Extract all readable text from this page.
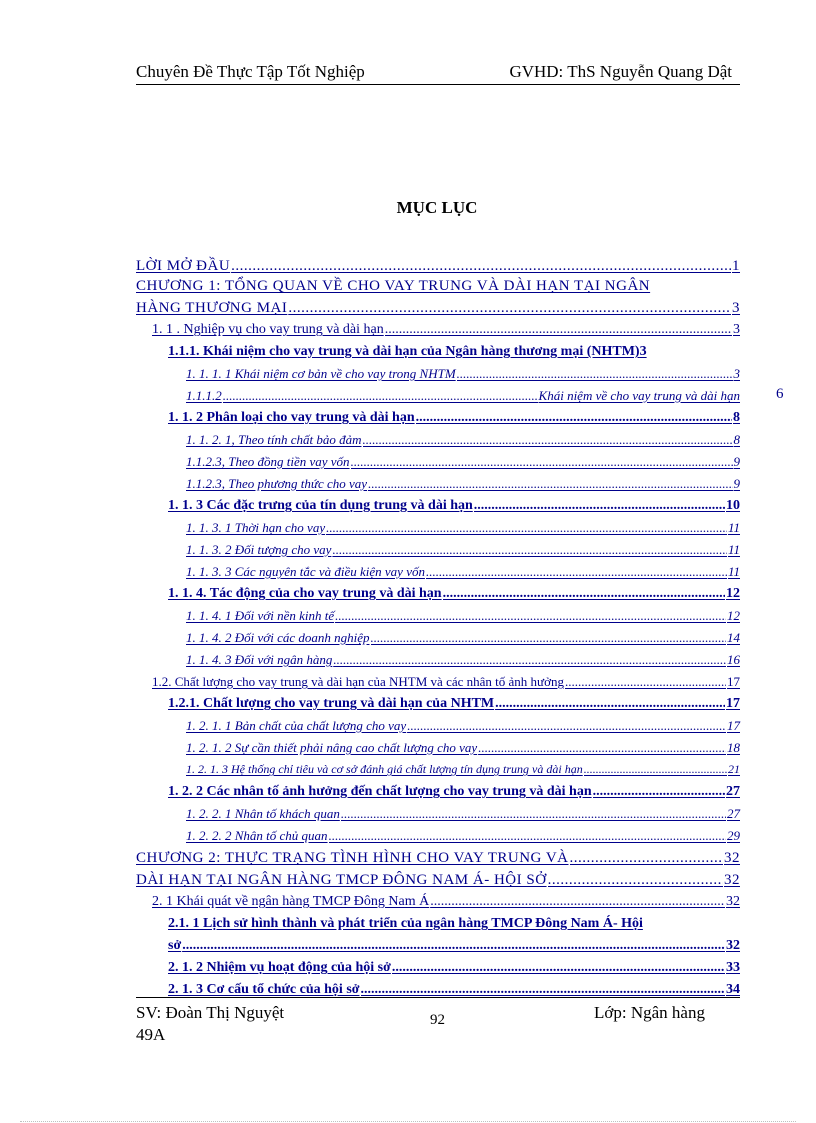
Chuyên Đề Thực Tập Tốt Nghiệp	GVHD: ThS Nguyễn Quang Dật
MỤC LỤC
LỜI MỞ ĐẦU .....	1
CHƯƠNG 1: TỔNG QUAN VỀ CHO VAY TRUNG VÀ DÀI HẠN TẠI NGÂN
HÀNG THƯƠNG MẠI .....	3
1. 1 . Nghiệp vụ cho vay trung và dài hạn .....	3
1.1.1. Khái niệm cho vay trung và dài hạn của Ngân hàng thương mại (NHTM) 3
1. 1. 1. 1 Khái niệm cơ bản về cho vay trong NHTM .....	3
1.1.1.2 .....	Khái niệm về cho vay trung và dài hạn 6
1. 1. 2 Phân loại cho vay trung và dài hạn .....	8
1. 1. 2. 1, Theo tính chất bảo đảm .....	8
1.1.2.3, Theo đồng tiền vay vốn .....	9
1.1.2.3, Theo phương thức cho vay .....	9
1. 1. 3 Các đặc trưng của tín dụng trung và dài hạn .....	10
1. 1. 3. 1 Thời hạn cho vay .....	11
1. 1. 3. 2 Đối tượng cho vay .....	11
1. 1. 3. 3 Các nguyên tắc và điều kiện vay vốn .....	11
1. 1. 4. Tác động của cho vay trung và dài hạn .....	12
1. 1. 4. 1 Đối với nền kinh tế .....	12
1. 1. 4. 2 Đối với các doanh nghiệp .....	14
1. 1. 4. 3 Đối với ngân hàng .....	16
1.2. Chất lượng cho vay trung và dài hạn của NHTM và các nhân tố ảnh hưởng .....	17
1.2.1. Chất lượng cho vay trung và dài hạn của NHTM .....	17
1. 2. 1. 1 Bản chất của chất lượng cho vay .....	17
1. 2. 1. 2 Sự cần thiết phải nâng cao chất lượng cho vay .....	18
1. 2. 1. 3 Hệ thống chỉ tiêu và cơ sở đánh giá chất lượng tín dụng trung và dài hạn .....	21
1. 2. 2 Các nhân tố ảnh hưởng đến chất lượng cho vay trung và dài hạn .....	27
1. 2. 2. 1 Nhân tố khách quan .....	27
1. 2. 2. 2 Nhân tố chủ quan .....	29
CHƯƠNG 2: THỰC TRẠNG TÌNH HÌNH CHO VAY TRUNG VÀ .....	32
DÀI HẠN TẠI NGÂN HÀNG TMCP ĐÔNG NAM Á- HỘI SỞ .....	32
2. 1 Khái quát về ngân hàng TMCP Đông Nam Á .....	32
2.1. 1 Lịch sử hình thành và phát triển của ngân hàng TMCP Đông Nam Á- Hội
sở .....	32
2. 1. 2 Nhiệm vụ hoạt động của hội sở .....	33
2. 1. 3 Cơ cấu tổ chức của hội sở .....	34
SV: Đoàn Thị Nguyệt
49A
92	Lớp: Ngân hàng
